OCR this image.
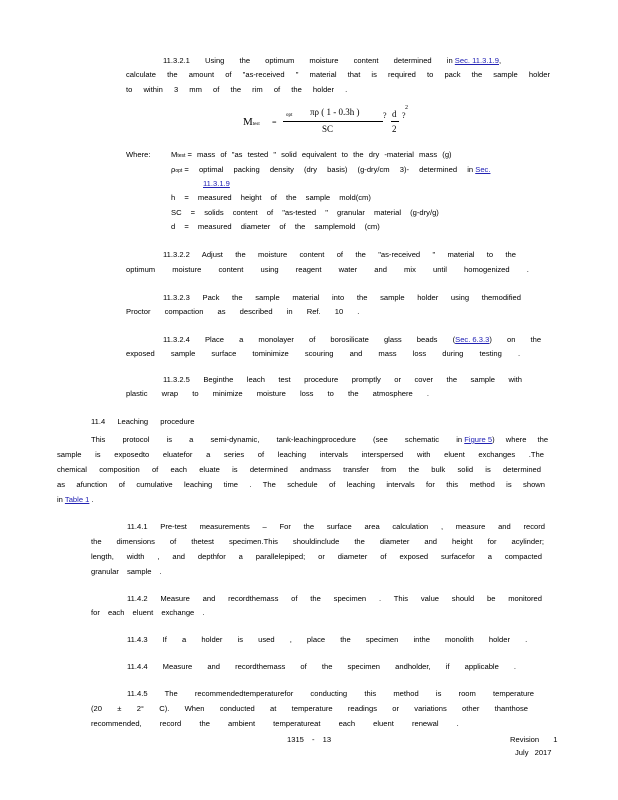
11.3.2.1 Using the optimum moisture content determined in Sec. 11.3.1.9,
calculate the amount of "as-received " material that is required to pack the sample holder
to within 3 mm of the rim of the holder .
Mtest =
opt πρ ( 1 - 0.3h )
SC
? d
2
?
2
Where:	Mtest = mass of "as tested " solid equivalent to the dry -material mass (g)
ρopt = optimal packing density (dry basis) (g-dry/cm 3)- determined in Sec.
11.3.1.9
h = measured height of the sample mold(cm)
SC = solids content of "as-tested " granular material (g-dry/g)
d = measured diameter of the samplemold (cm)
11.3.2.2 Adjust the moisture content of the "as-received " material to the
optimum moisture content using reagent water and mix until homogenized .
11.3.2.3 Pack the sample material into the sample holder using themodified
Proctor compaction as described in Ref. 10 .
11.3.2.4 Place a monolayer of borosilicate glass beads (Sec. 6.3.3) on the
exposed sample surface tominimize scouring and mass loss during testing .
11.3.2.5 Beginthe leach test procedure promptly or cover the sample with
plastic wrap to minimize moisture loss to the atmosphere .
11.4 Leaching procedure
This protocol is a semi-dynamic, tank-leachingprocedure (see schematic in Figure 5) where the
sample is exposedto eluatefor a series of leaching intervals interspersed with eluent exchanges .The
chemical composition of each eluate is determined andmass transfer from the bulk solid is determined
as afunction of cumulative leaching time . The schedule of leaching intervals for this method is shown
in Table 1 .
11.4.1 Pre-test measurements – For the surface area calculation , measure and record
the dimensions of thetest specimen.This shouldinclude the diameter and height for acylinder;
length, width , and depthfor a parallelepiped; or diameter of exposed surfacefor a compacted
granular sample .
11.4.2 Measure and recordthemass of the specimen . This value should be monitored
for each eluent exchange .
11.4.3 If a holder is used , place the specimen inthe monolith holder .
11.4.4 Measure and recordthemass of the specimen andholder, if applicable .
11.4.5 The recommendedtemperaturefor conducting this method is room temperature
(20 ± 2° C). When conducted at temperature readings or variations other thanthose
recommended, record the ambient temperatureat each eluent renewal .
1315 - 13	Revision 1
July 2017
